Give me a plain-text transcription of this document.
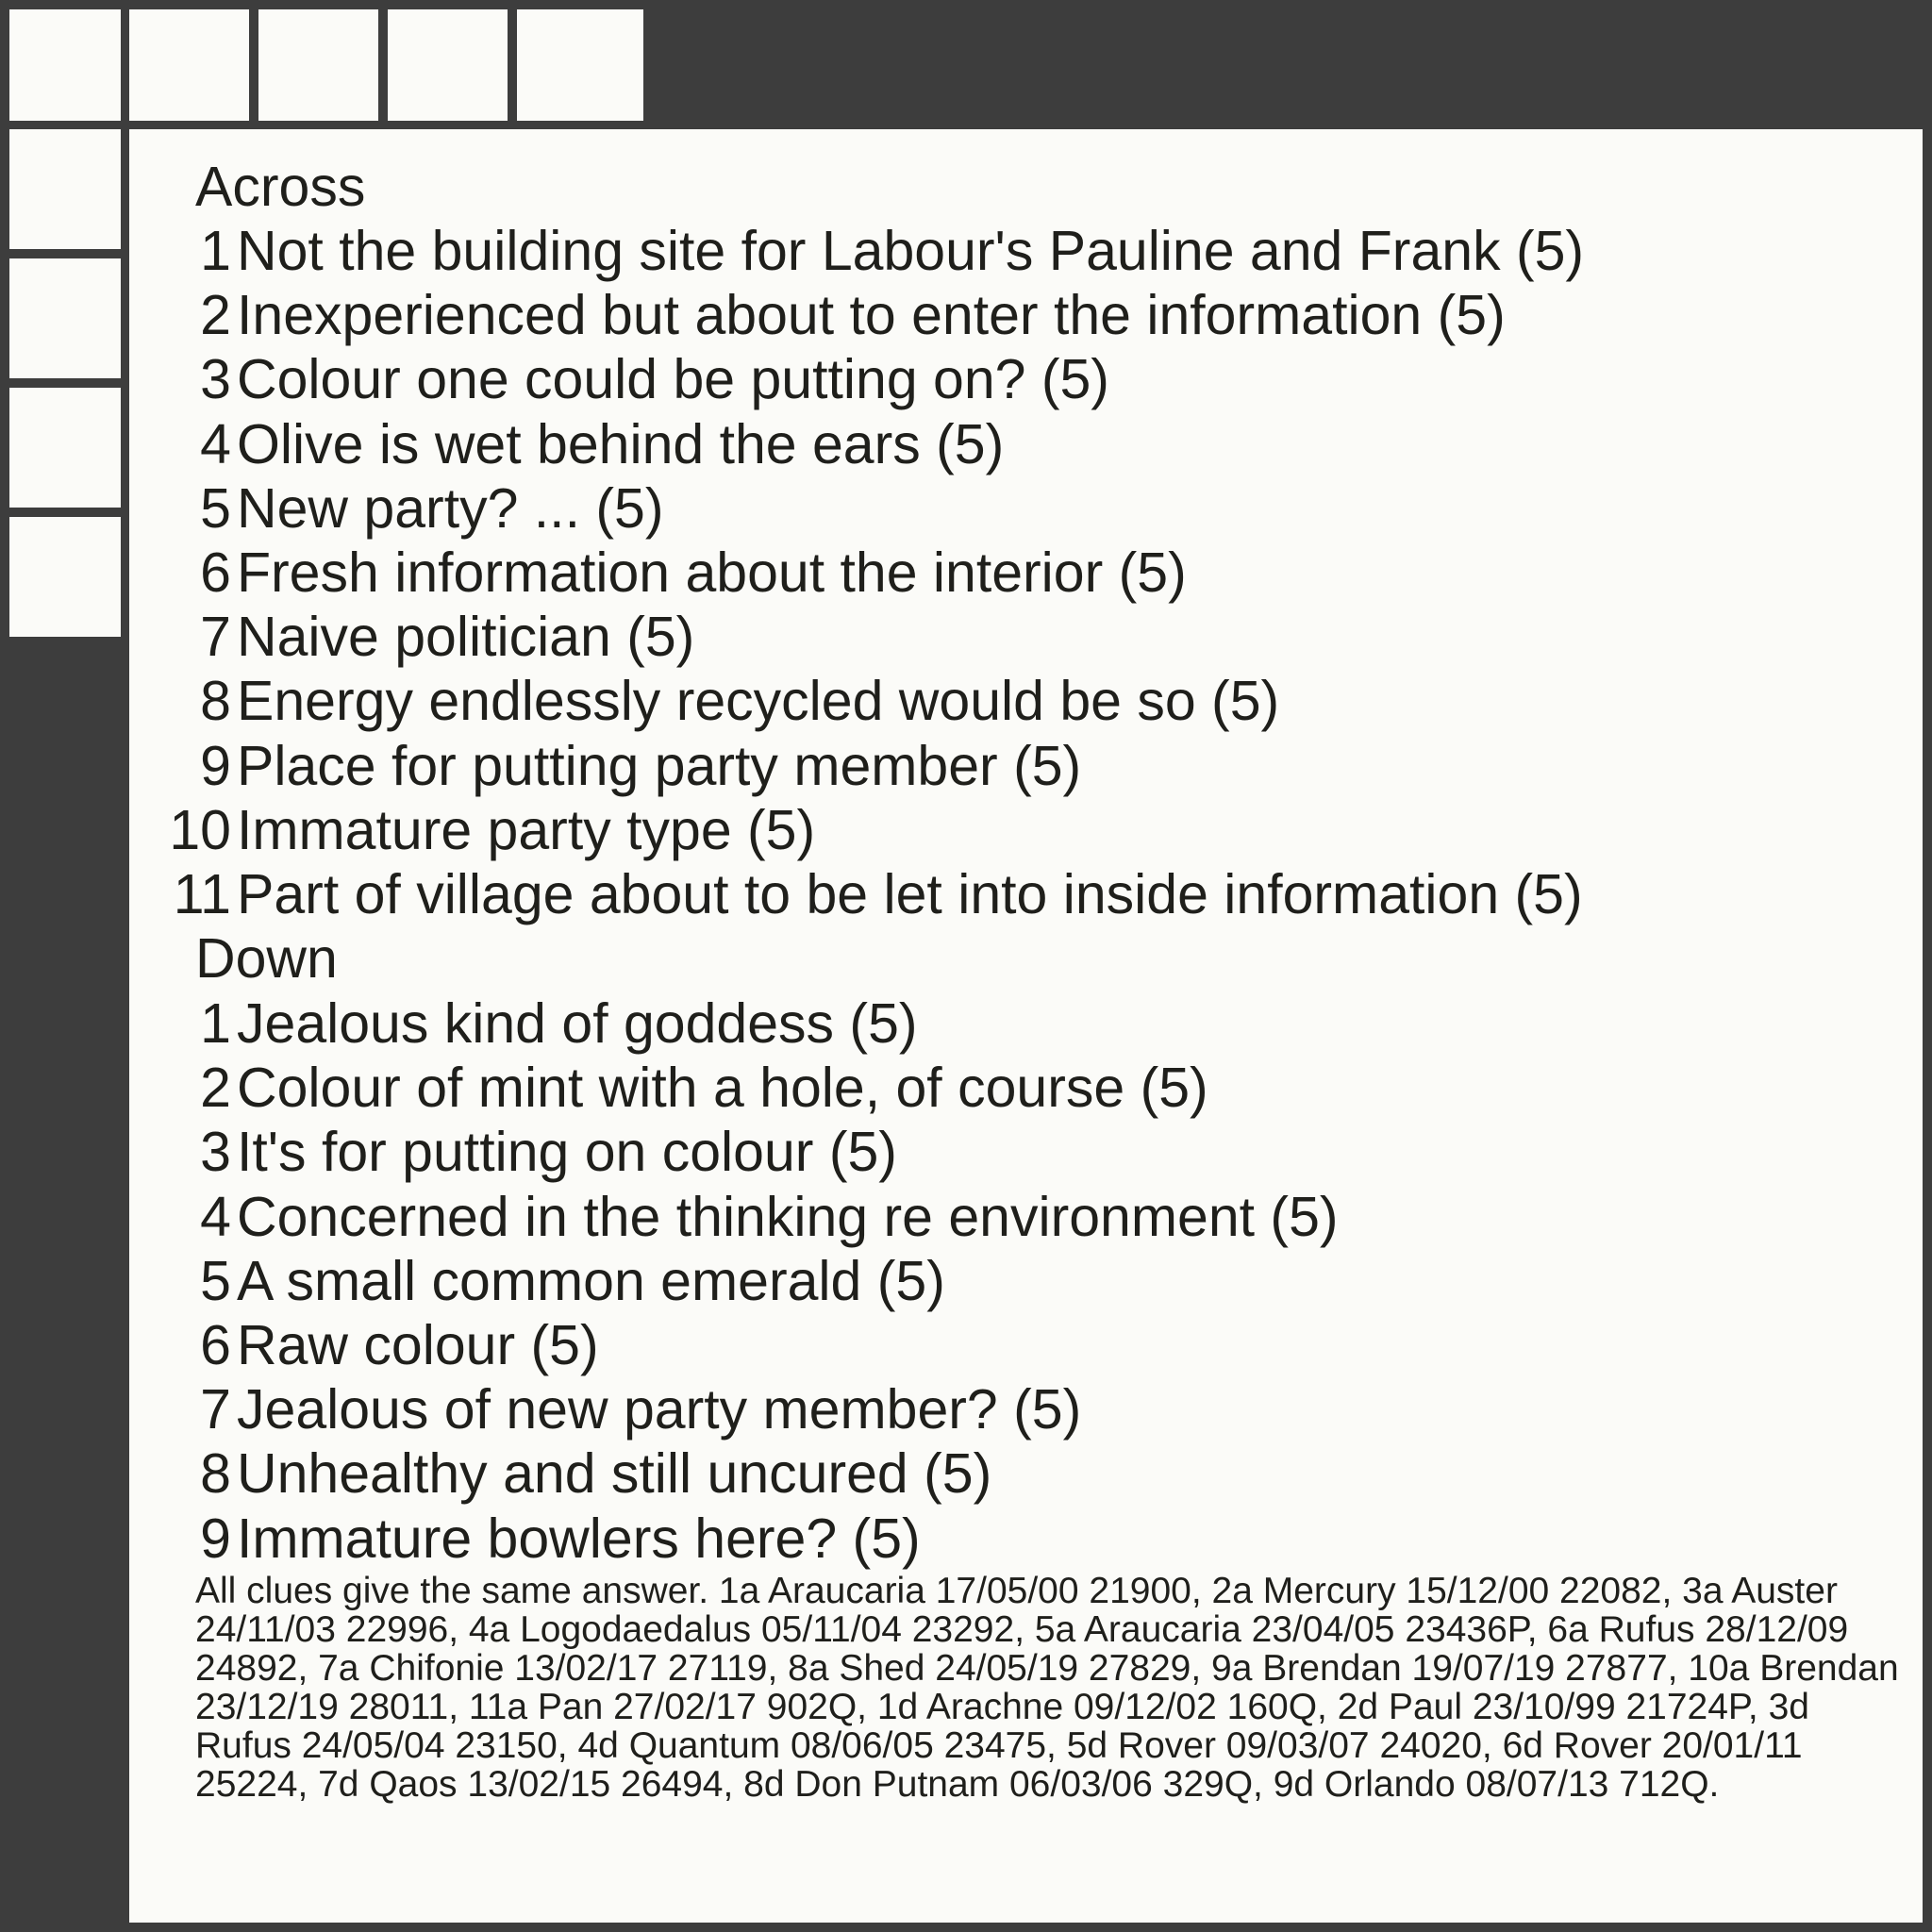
Across
1 Not the building site for Labour's Pauline and Frank (5)
2 Inexperienced but about to enter the information (5)
3 Colour one could be putting on? (5)
4 Olive is wet behind the ears (5)
5 New party? ... (5)
6 Fresh information about the interior (5)
7 Naive politician (5)
8 Energy endlessly recycled would be so (5)
9 Place for putting party member (5)
10 Immature party type (5)
11 Part of village about to be let into inside information (5)
Down
1 Jealous kind of goddess (5)
2 Colour of mint with a hole, of course (5)
3 It's for putting on colour (5)
4 Concerned in the thinking re environment (5)
5 A small common emerald (5)
6 Raw colour (5)
7 Jealous of new party member? (5)
8 Unhealthy and still uncured (5)
9 Immature bowlers here? (5)
All clues give the same answer. 1a Araucaria 17/05/00 21900, 2a Mercury 15/12/00 22082, 3a Auster 24/11/03 22996, 4a Logodaedalus 05/11/04 23292, 5a Araucaria 23/04/05 23436P, 6a Rufus 28/12/09 24892, 7a Chifonie 13/02/17 27119, 8a Shed 24/05/19 27829, 9a Brendan 19/07/19 27877, 10a Brendan 23/12/19 28011, 11a Pan 27/02/17 902Q, 1d Arachne 09/12/02 160Q, 2d Paul 23/10/99 21724P, 3d Rufus 24/05/04 23150, 4d Quantum 08/06/05 23475, 5d Rover 09/03/07 24020, 6d Rover 20/01/11 25224, 7d Qaos 13/02/15 26494, 8d Don Putnam 06/03/06 329Q, 9d Orlando 08/07/13 712Q.
